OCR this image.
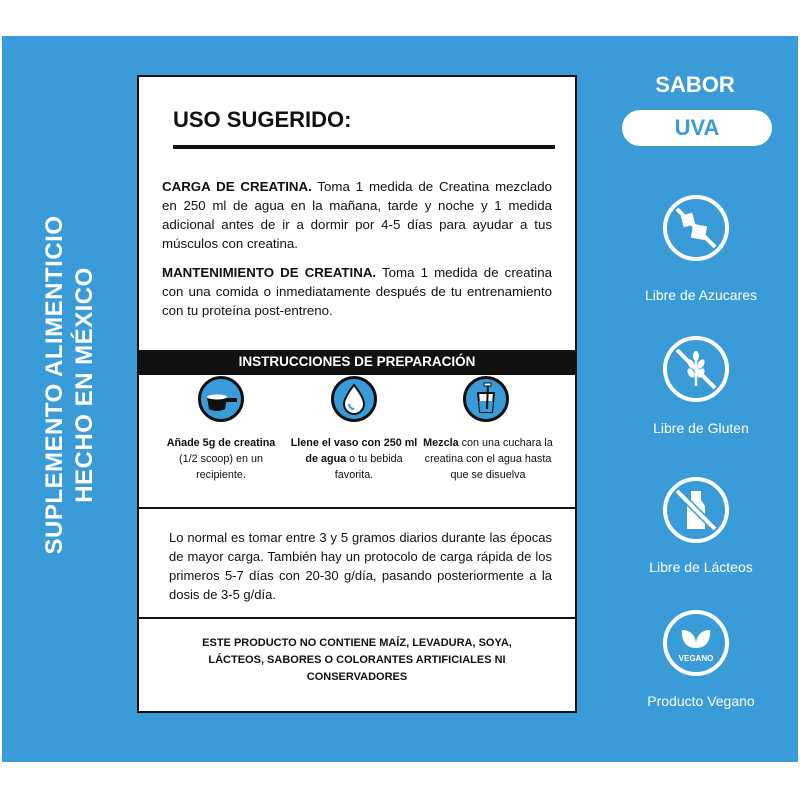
SUPLEMENTO ALIMENTICIO HECHO EN MÉXICO
USO SUGERIDO:
CARGA DE CREATINA. Toma 1 medida de Creatina mezclado en 250 ml de agua en la mañana, tarde y noche y 1 medida adicional antes de ir a dormir por 4-5 días para ayudar a tus músculos con creatina.
MANTENIMIENTO DE CREATINA. Toma 1 medida de creatina con una comida o inmediatamente después de tu entrenamiento con tu proteína post-entreno.
INSTRUCCIONES DE PREPARACIÓN
Añade 5g de creatina (1/2 scoop) en un recipiente.
Llene el vaso con 250 ml de agua o tu bebida favorita.
Mezcla con una cuchara la creatina con el agua hasta que se disuelva
Lo normal es tomar entre 3 y 5 gramos diarios durante las épocas de mayor carga. También hay un protocolo de carga rápida de los primeros 5-7 días con 20-30 g/día, pasando posteriormente a la dosis de 3-5 g/día.
ESTE PRODUCTO NO CONTIENE MAÍZ, LEVADURA, SOYA, LÁCTEOS, SABORES O COLORANTES ARTIFICIALES NI CONSERVADORES
SABOR
UVA
Libre de Azucares
Libre de Gluten
Libre de Lácteos
VEGANO
Producto Vegano
